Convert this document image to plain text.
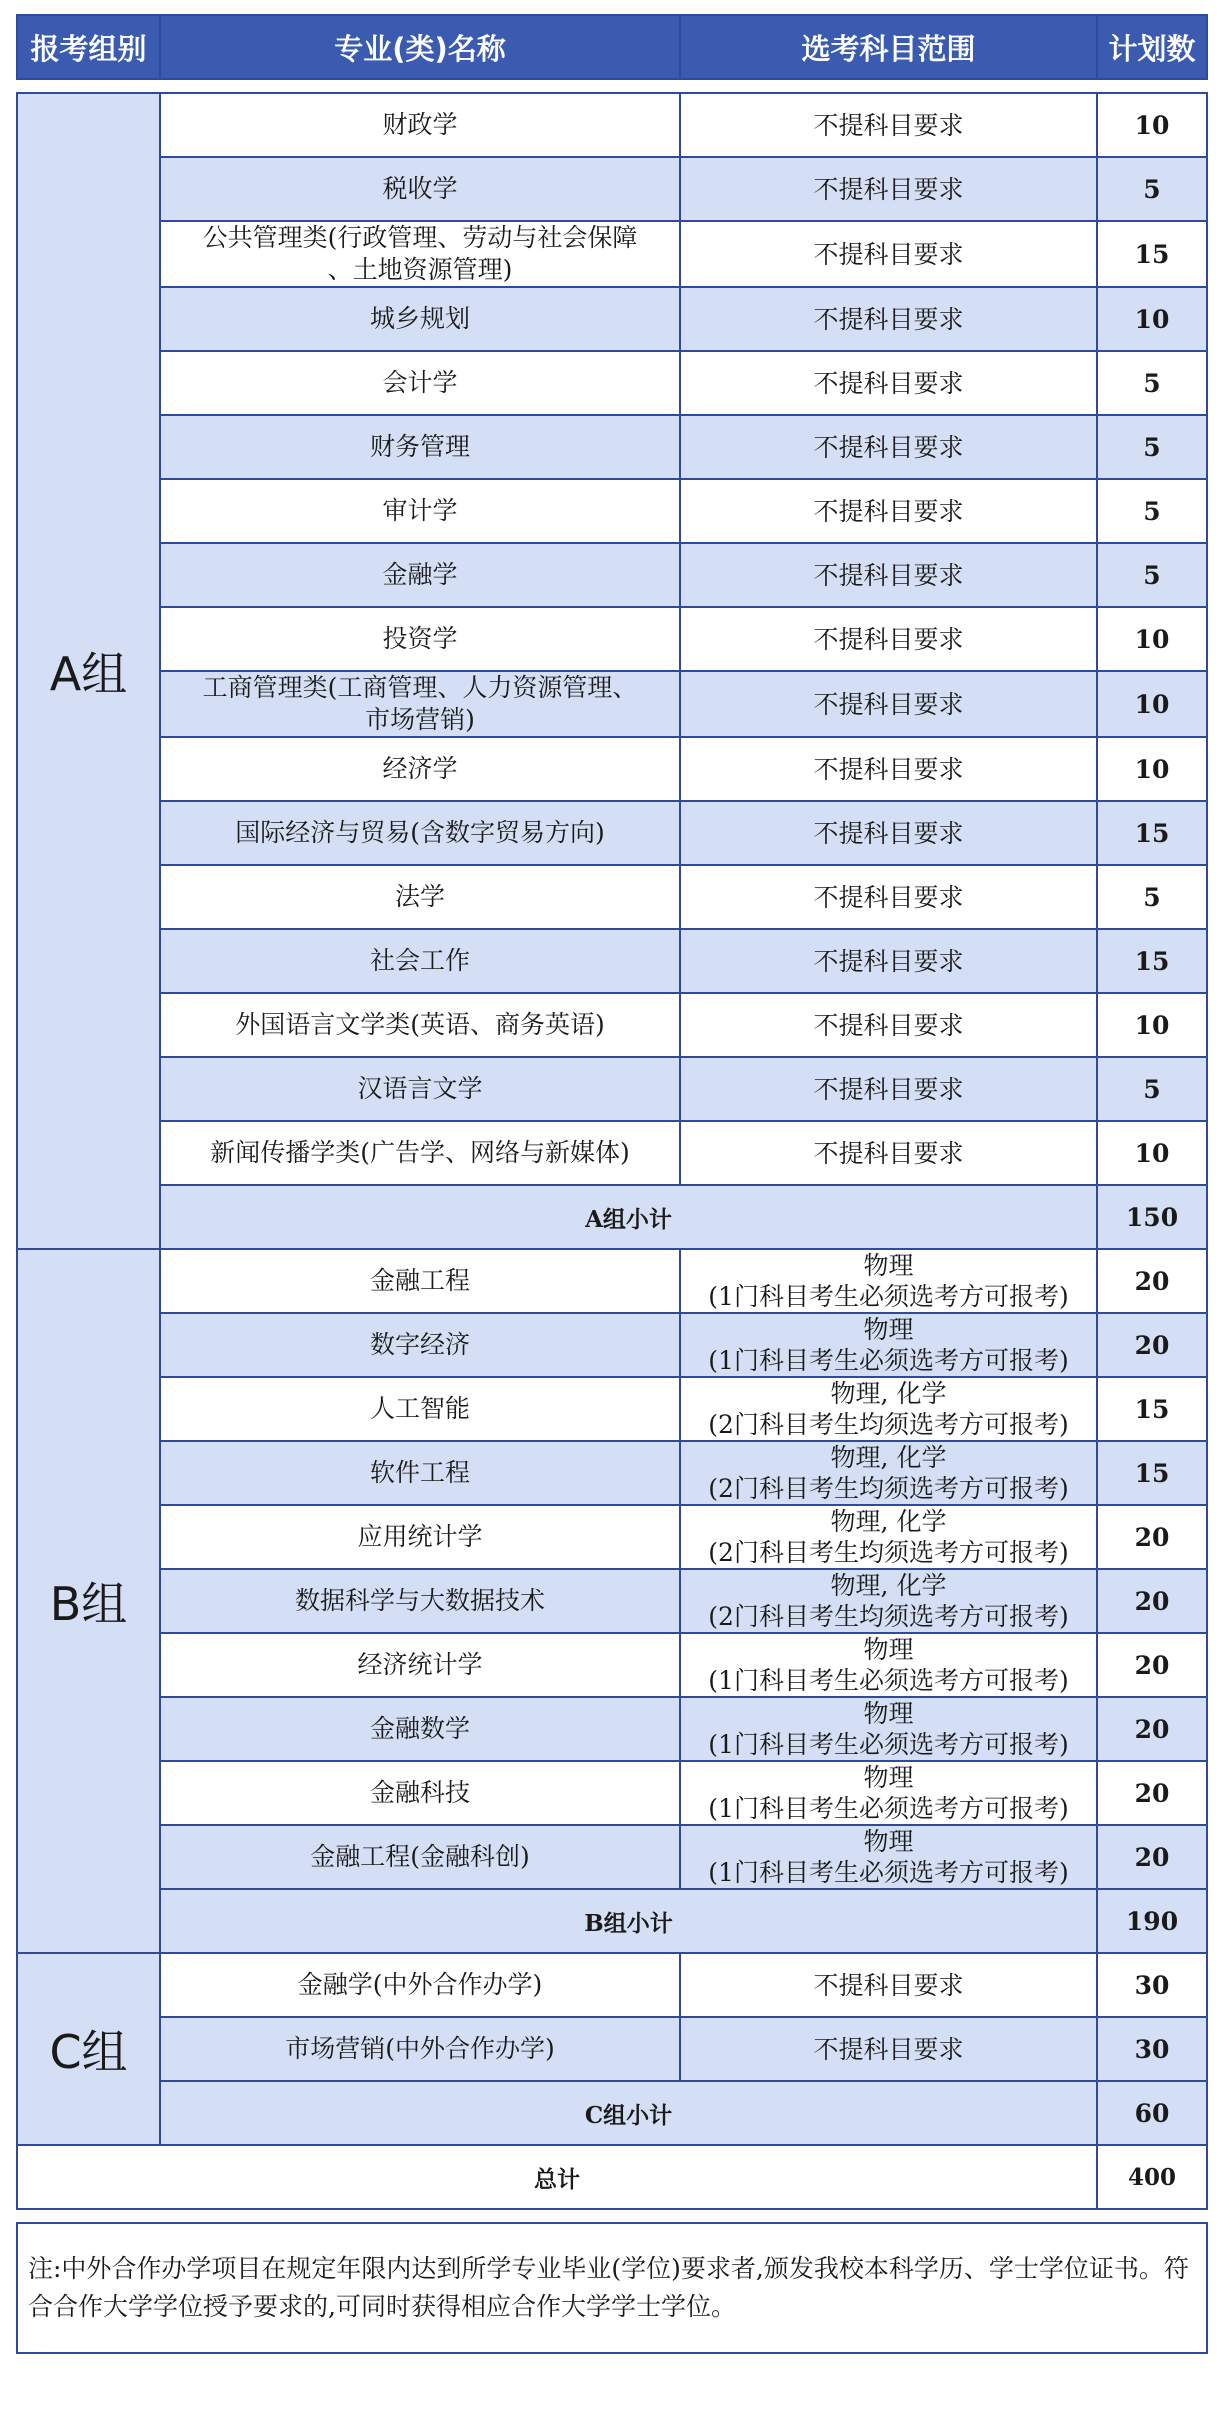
报考组别	专业(类)名称	选考科目范围	计划数

A组	财政学	不提科目要求	10

	税收学	不提科目要求	5

	公共管理类(行政管理、劳动与社会保障
、土地资源管理)	不提科目要求	15

	城乡规划	不提科目要求	10

	会计学	不提科目要求	5

	财务管理	不提科目要求	5

	审计学	不提科目要求	5

	金融学	不提科目要求	5

	投资学	不提科目要求	10

	工商管理类(工商管理、人力资源管理、
市场营销)	不提科目要求	10

	经济学	不提科目要求	10

	国际经济与贸易(含数字贸易方向)	不提科目要求	15

	法学	不提科目要求	5

	社会工作	不提科目要求	15

	外国语言文学类(英语、商务英语)	不提科目要求	10

	汉语言文学	不提科目要求	5

	新闻传播学类(广告学、网络与新媒体)	不提科目要求	10
	A组小计		150
B组	金融工程	物理
(1门科目考生必须选考方可报考)	20

	数字经济	物理
(1门科目考生必须选考方可报考)	20

	人工智能	物理, 化学
(2门科目考生均须选考方可报考)	15

	软件工程	物理, 化学
(2门科目考生均须选考方可报考)	15

	应用统计学	物理, 化学
(2门科目考生均须选考方可报考)	20

	数据科学与大数据技术	物理, 化学
(2门科目考生均须选考方可报考)	20

	经济统计学	物理
(1门科目考生必须选考方可报考)	20

	金融数学	物理
(1门科目考生必须选考方可报考)	20

	金融科技	物理
(1门科目考生必须选考方可报考)	20

	金融工程(金融科创)	物理
(1门科目考生必须选考方可报考)	20
	B组小计		190
C组	金融学(中外合作办学)	不提科目要求	30

	市场营销(中外合作办学)	不提科目要求	30
	C组小计		60
总计			400

注:中外合作办学项目在规定年限内达到所学专业毕业(学位)要求者,颁发我校本科学历、学士学位证书。符合合作大学学位授予要求的,可同时获得相应合作大学学士学位。			
